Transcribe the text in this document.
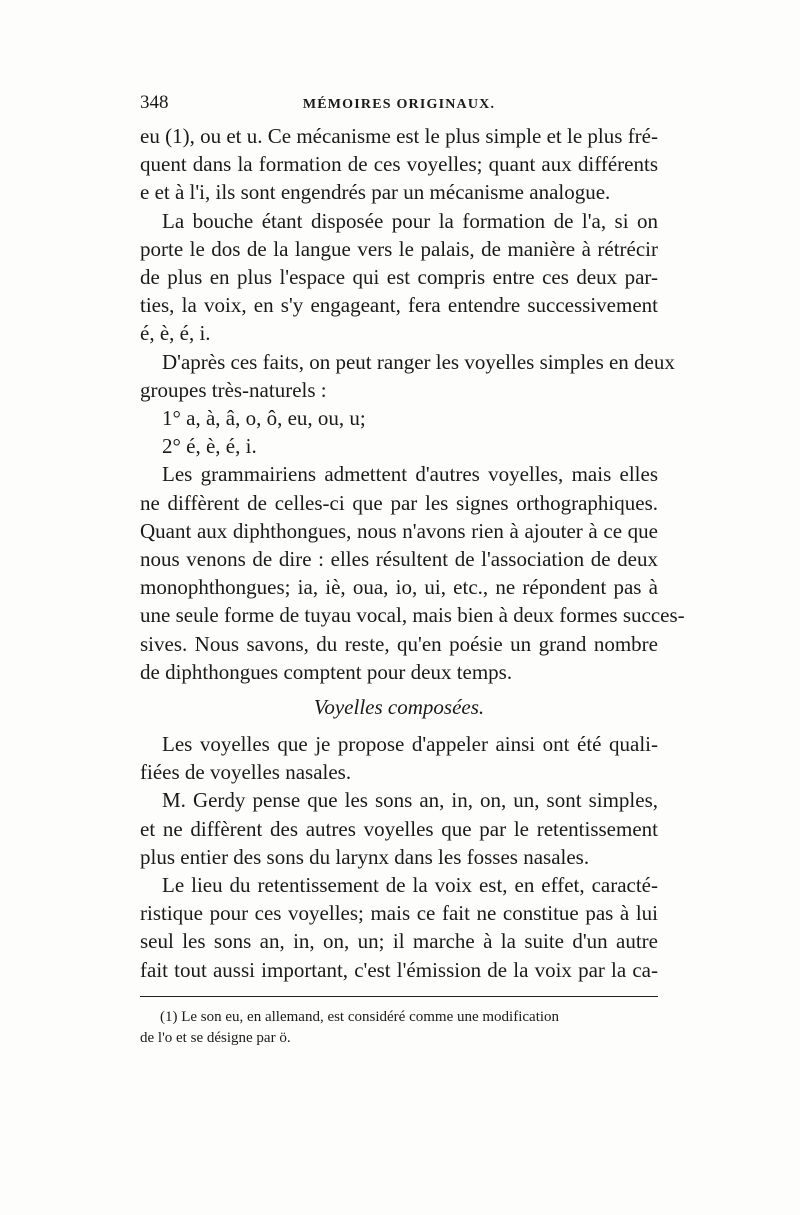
348	MÉMOIRES ORIGINAUX.
eu (1), ou et u. Ce mécanisme est le plus simple et le plus fré-
quent dans la formation de ces voyelles; quant aux différents
e et à l'i, ils sont engendrés par un mécanisme analogue.
La bouche étant disposée pour la formation de l'a, si on
porte le dos de la langue vers le palais, de manière à rétrécir
de plus en plus l'espace qui est compris entre ces deux par-
ties, la voix, en s'y engageant, fera entendre successivement
é, è, é, i.
D'après ces faits, on peut ranger les voyelles simples en deux
groupes très-naturels :
1° a, à, â, o, ô, eu, ou, u;
2° é, è, é, i.
Les grammairiens admettent d'autres voyelles, mais elles
ne diffèrent de celles-ci que par les signes orthographiques.
Quant aux diphthongues, nous n'avons rien à ajouter à ce que
nous venons de dire : elles résultent de l'association de deux
monophthongues; ia, iè, oua, io, ui, etc., ne répondent pas à
une seule forme de tuyau vocal, mais bien à deux formes succes-
sives. Nous savons, du reste, qu'en poésie un grand nombre
de diphthongues comptent pour deux temps.
Voyelles composées.
Les voyelles que je propose d'appeler ainsi ont été quali-
fiées de voyelles nasales.
M. Gerdy pense que les sons an, in, on, un, sont simples,
et ne diffèrent des autres voyelles que par le retentissement
plus entier des sons du larynx dans les fosses nasales.
Le lieu du retentissement de la voix est, en effet, caracté-
ristique pour ces voyelles; mais ce fait ne constitue pas à lui
seul les sons an, in, on, un; il marche à la suite d'un autre
fait tout aussi important, c'est l'émission de la voix par la ca-
(1) Le son eu, en allemand, est considéré comme une modification
de l'o et se désigne par ö.
